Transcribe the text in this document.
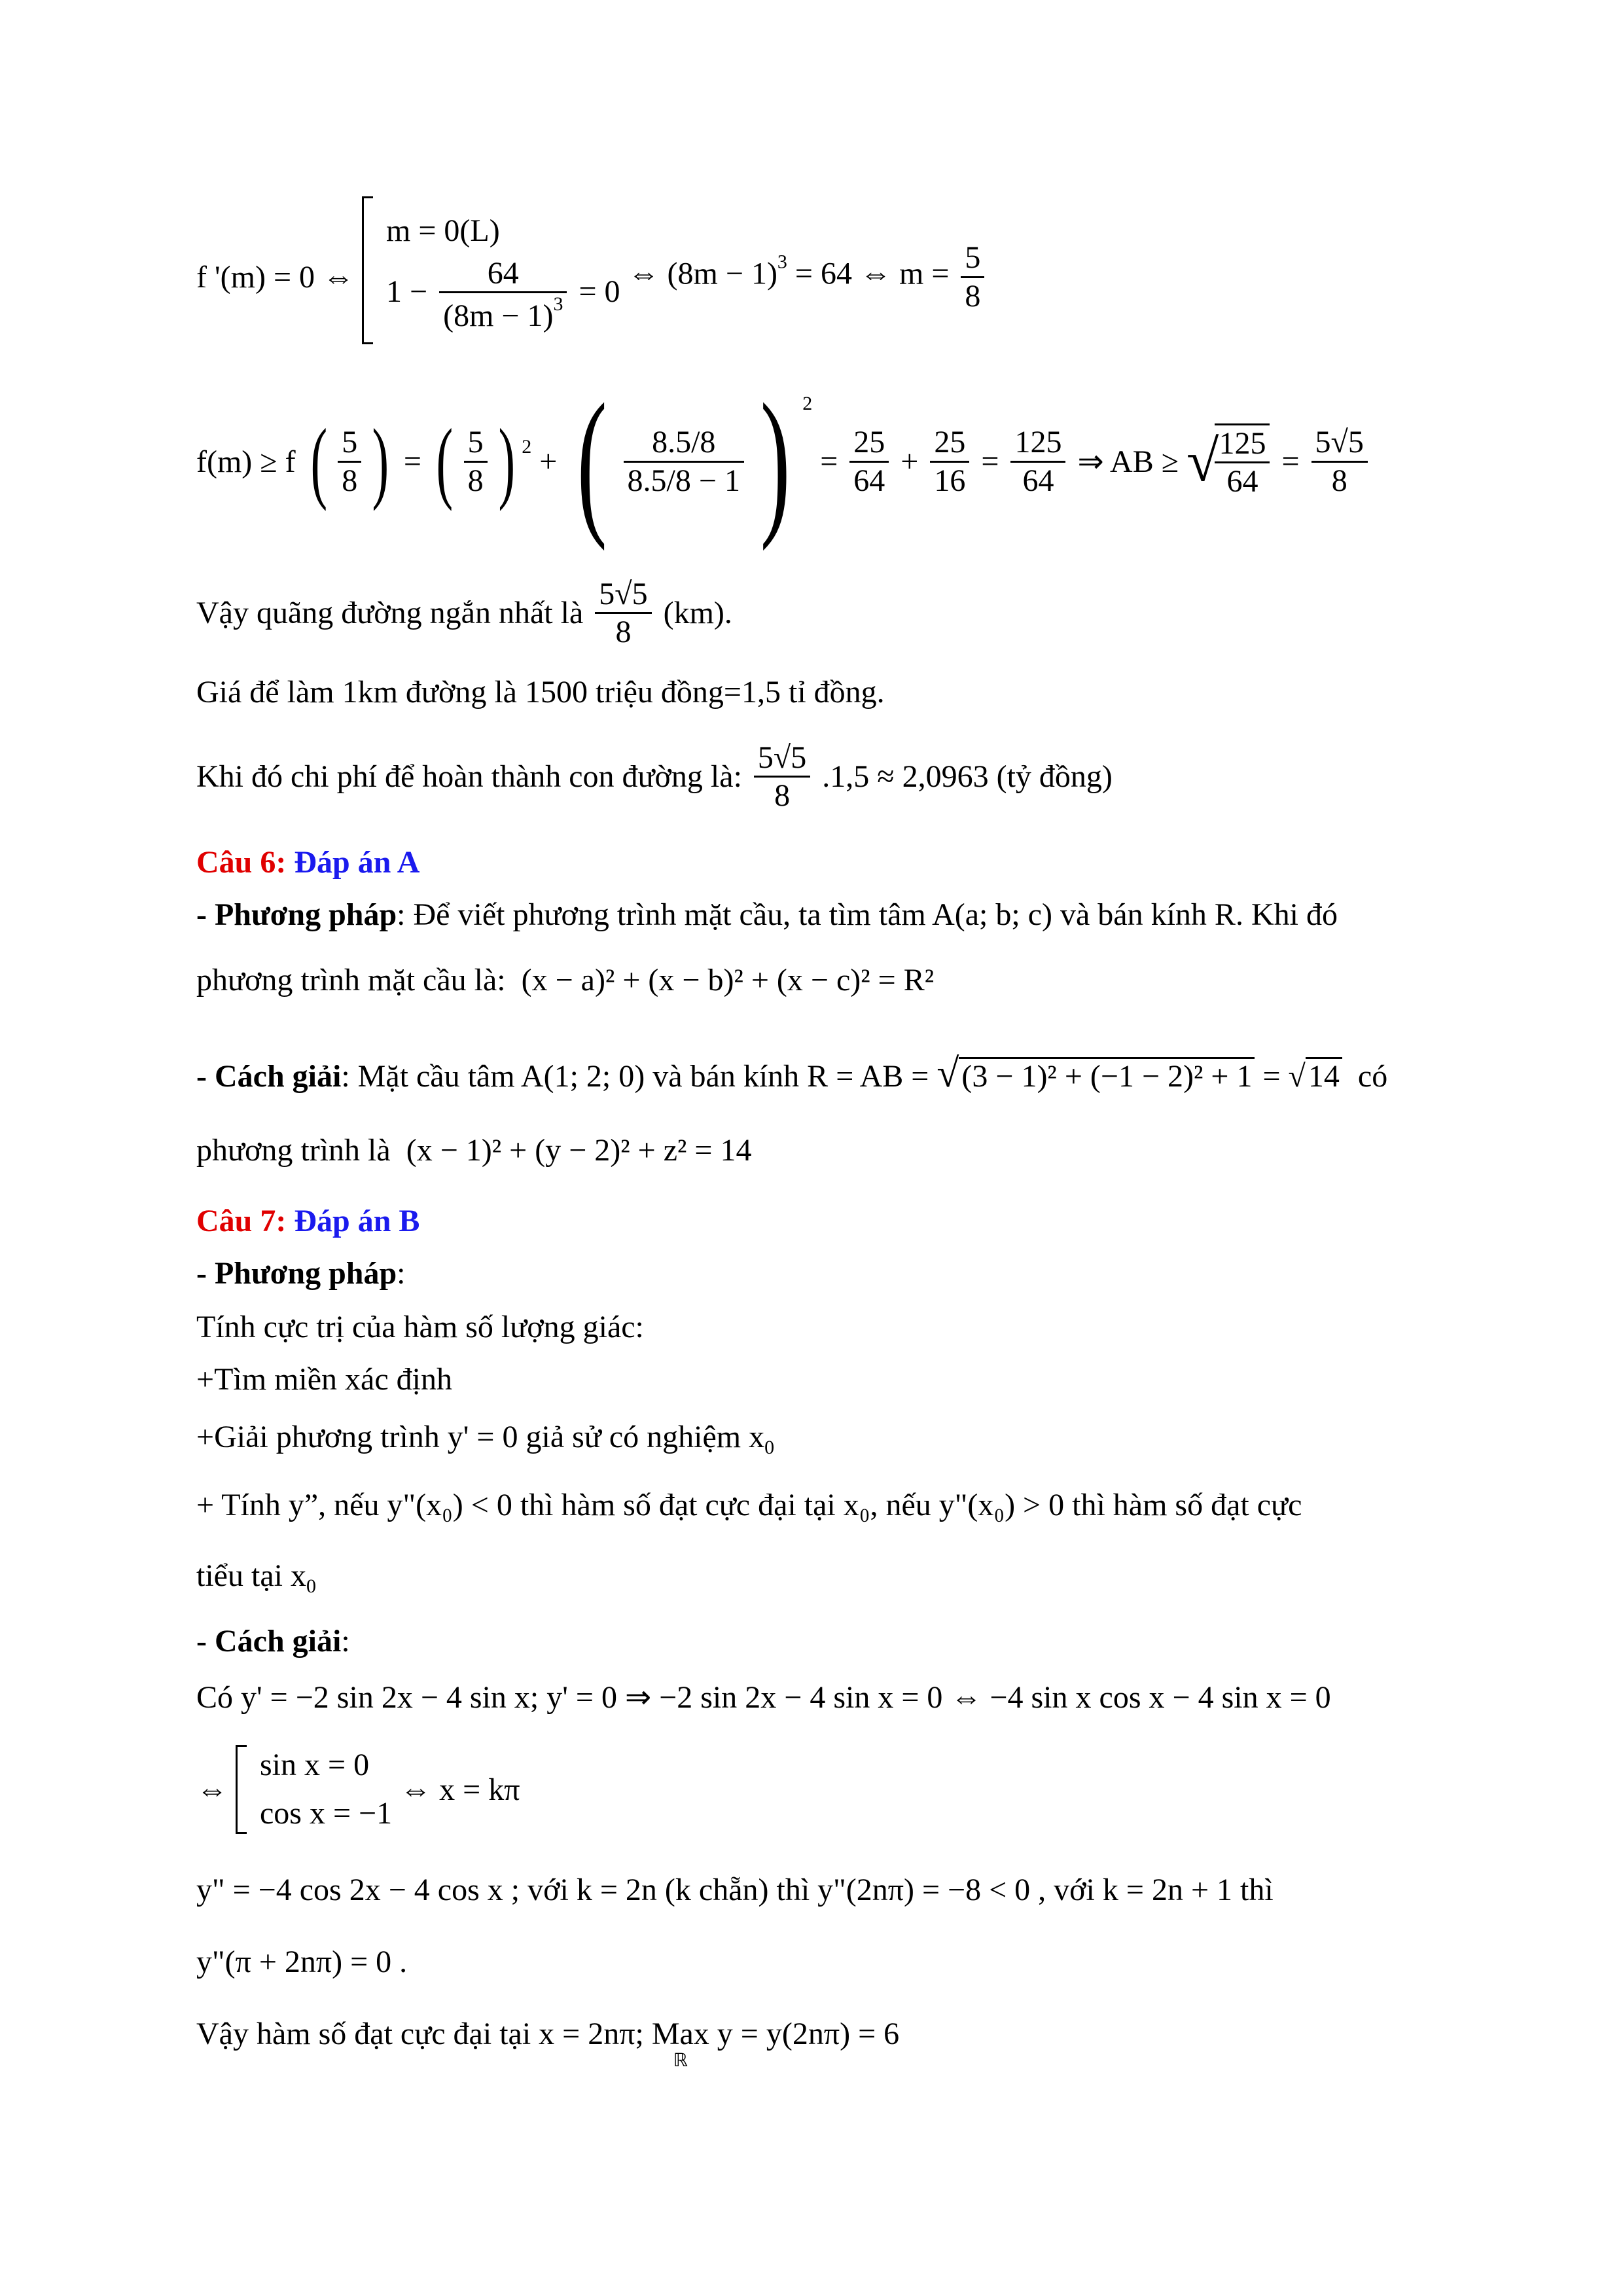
f '(m) = 0 ⇔
m = 0(L)
$1 - \frac{64}{(8m - 1)^3} = 0$
⇔ $(8m - 1)^3 = 64$ ⇔ $m = \frac{5}{8}$
f(m) ≥ f ( $\frac{5}{8}$ ) = ( $\frac{5}{8}$ ) $^2$ + ( $\frac{8.5/8}{8.5/8 - 1}$ ) $^2 = \frac{25}{64} + \frac{25}{16} = \frac{125}{64}$ ⇒ AB ≥ √
$\frac{125}{64} = \frac{5√5}{8}$
Vậy quãng đường ngắn nhất là $\frac{5√5}{8} (km)$.
Giá để làm 1km đường là 1500 triệu đồng=1,5 tỉ đồng.
Khi đó chi phí để hoàn thành con đường là: $\frac{5√5}{8} .1,5 \approx 2,0963$ (tỷ đồng)
Câu 6: Đáp án A
- Phương pháp: Để viết phương trình mặt cầu, ta tìm tâm A(a; b; c) và bán kính R. Khi đó
phương trình mặt cầu là: (x − a)² + (x − b)² + (x − c)² = R²
- Cách giải: Mặt cầu tâm A(1; 2; 0) và bán kính R = AB = √(3 − 1)² + (−1 − 2)² + 1 = √14 có
phương trình là (x − 1)² + (y − 2)² + z² = 14
Câu 7: Đáp án B
- Phương pháp:
Tính cực trị của hàm số lượng giác:
+Tìm miền xác định
+Giải phương trình y' = 0 giả sử có nghiệm $x_0$
+ Tính y”, nếu y"(x₀) < 0 thì hàm số đạt cực đại tại x₀, nếu y"(x₀) > 0 thì hàm số đạt cực
tiểu tại $x_0$
- Cách giải:
Có y' = −2 sin 2x − 4 sin x; y' = 0 ⇒ −2 sin 2x − 4 sin x = 0 ⇔ −4 sin x cos x − 4 sin x = 0
⇔
sin x = 0
cos x = −1
⇔ x = kπ
y" = −4 cos 2x − 4 cos x ; với k = 2n (k chẵn) thì y"(2nπ) = −8 < 0 , với k = 2n + 1 thì
y"(π + 2nπ) = 0 .
Vậy hàm số đạt cực đại tại x = 2nπ; Max
ℝ
y = y(2nπ) = 6
